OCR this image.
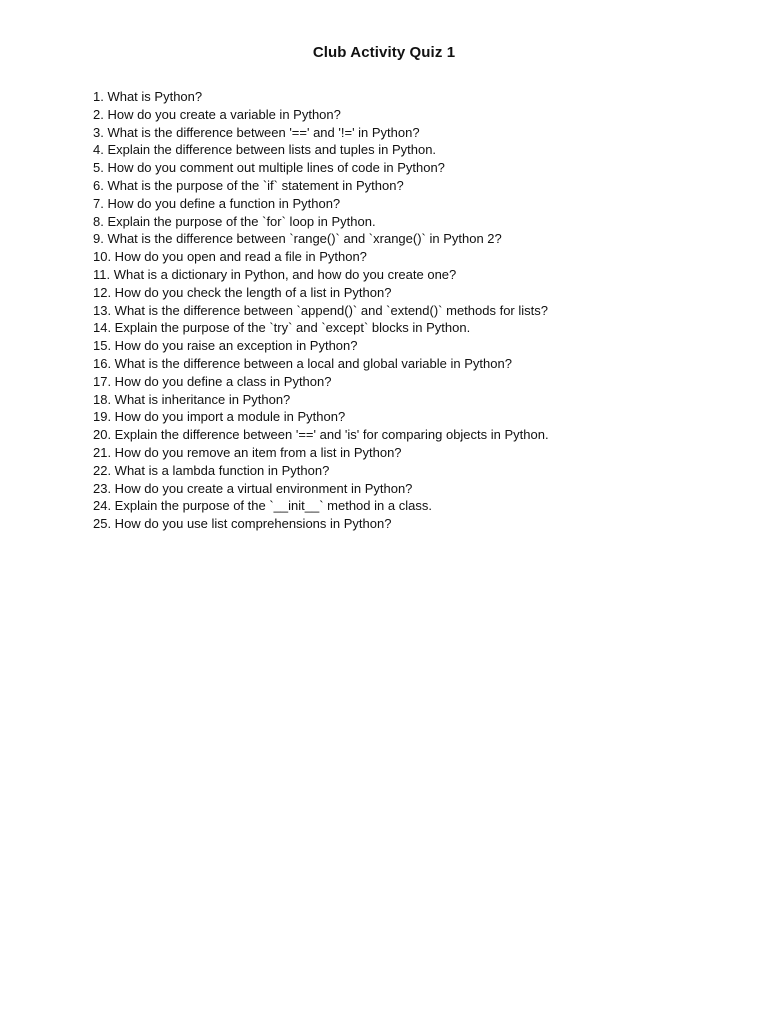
Club Activity Quiz 1
1. What is Python?
2. How do you create a variable in Python?
3. What is the difference between '==' and '!=' in Python?
4. Explain the difference between lists and tuples in Python.
5. How do you comment out multiple lines of code in Python?
6. What is the purpose of the `if` statement in Python?
7. How do you define a function in Python?
8. Explain the purpose of the `for` loop in Python.
9. What is the difference between `range()` and `xrange()` in Python 2?
10. How do you open and read a file in Python?
11. What is a dictionary in Python, and how do you create one?
12. How do you check the length of a list in Python?
13. What is the difference between `append()` and `extend()` methods for lists?
14. Explain the purpose of the `try` and `except` blocks in Python.
15. How do you raise an exception in Python?
16. What is the difference between a local and global variable in Python?
17. How do you define a class in Python?
18. What is inheritance in Python?
19. How do you import a module in Python?
20. Explain the difference between '==' and 'is' for comparing objects in Python.
21. How do you remove an item from a list in Python?
22. What is a lambda function in Python?
23. How do you create a virtual environment in Python?
24. Explain the purpose of the `__init__` method in a class.
25. How do you use list comprehensions in Python?
